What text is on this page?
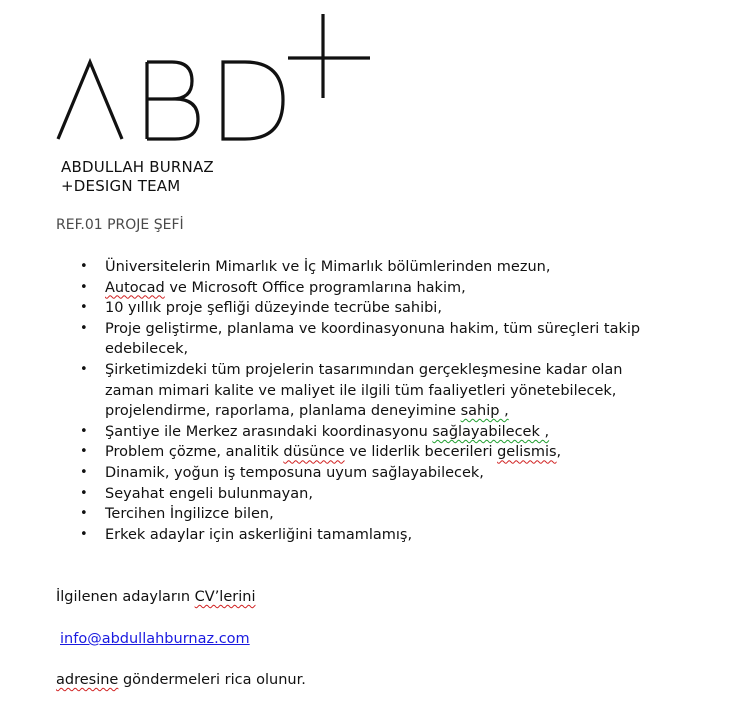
ABDULLAH BURNAZ
+DESIGN TEAM
REF.01 PROJE ŞEFİ
• Üniversitelerin Mimarlık ve İç Mimarlık bölümlerinden mezun,
• Autocad ve Microsoft Office programlarına hakim,
• 10 yıllık proje şefliği düzeyinde tecrübe sahibi,
• Proje geliştirme, planlama ve koordinasyonuna hakim, tüm süreçleri takip edebilecek,
• Şirketimizdeki tüm projelerin tasarımından gerçekleşmesine kadar olan zaman mimari kalite ve maliyet ile ilgili tüm faaliyetleri yönetebilecek, projelendirme, raporlama, planlama deneyimine sahip ,
• Şantiye ile Merkez arasındaki koordinasyonu sağlayabilecek ,
• Problem çözme, analitik düsünce ve liderlik becerileri gelismis,
• Dinamik, yoğun iş temposuna uyum sağlayabilecek,
• Seyahat engeli bulunmayan,
• Tercihen İngilizce bilen,
• Erkek adaylar için askerliğini tamamlamış,
İlgilenen adayların CV’lerini
info@abdullahburnaz.com
adresine göndermeleri rica olunur.
